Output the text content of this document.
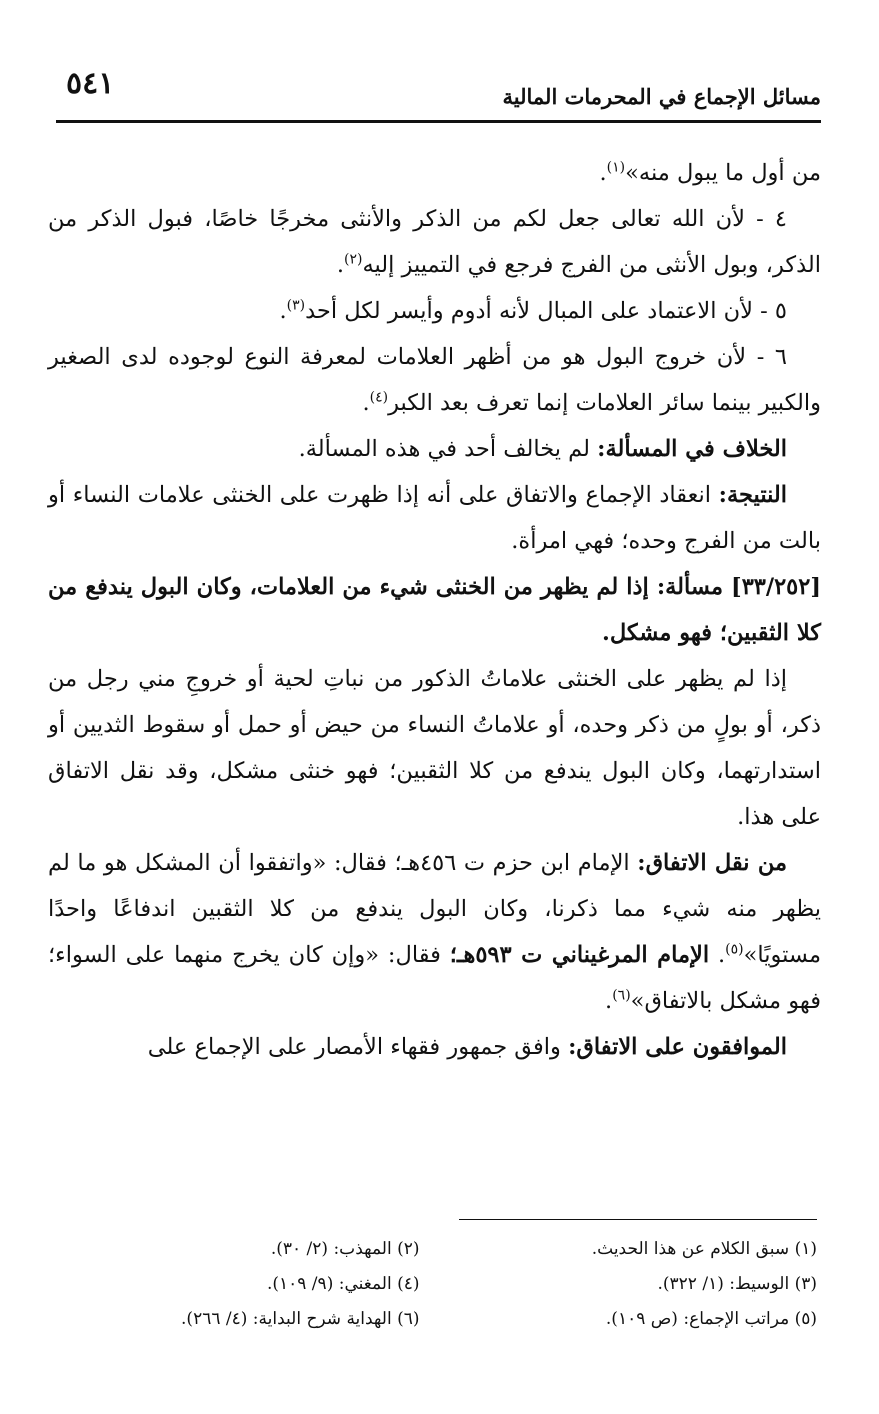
مسائل الإجماع في المحرمات المالية
٥٤١

من أول ما يبول منه»$^{(١)}$.

٤ - لأن الله تعالى جعل لكم من الذكر والأنثى مخرجًا خاصًا، فبول الذكر من الذكر، وبول الأنثى من الفرج فرجع في التمييز إليه$^{(٢)}$.

٥ - لأن الاعتماد على المبال لأنه أدوم وأيسر لكل أحد$^{(٣)}$.

٦ - لأن خروج البول هو من أظهر العلامات لمعرفة النوع لوجوده لدى الصغير والكبير بينما سائر العلامات إنما تعرف بعد الكبر$^{(٤)}$.

الخلاف في المسألة: لم يخالف أحد في هذه المسألة.

النتيجة: انعقاد الإجماع والاتفاق على أنه إذا ظهرت على الخنثى علامات النساء أو بالت من الفرج وحده؛ فهي امرأة.

[٣٣/٢٥٢] مسألة: إذا لم يظهر من الخنثى شيء من العلامات، وكان البول يندفع من كلا الثقبين؛ فهو مشكل.

إذا لم يظهر على الخنثى علاماتُ الذكور من نباتِ لحية أو خروجِ مني رجل من ذكر، أو بولٍ من ذكر وحده، أو علاماتُ النساء من حيض أو حمل أو سقوط الثديين أو استدارتهما، وكان البول يندفع من كلا الثقبين؛ فهو خنثى مشكل، وقد نقل الاتفاق على هذا.

من نقل الاتفاق: الإمام ابن حزم ت ٤٥٦هـ؛ فقال: «واتفقوا أن المشكل هو ما لم يظهر منه شيء مما ذكرنا، وكان البول يندفع من كلا الثقبين اندفاعًا واحدًا مستويًا»$^{(٥)}$. الإمام المرغيناني ت ٥٩٣هـ؛ فقال: «وإن كان يخرج منهما على السواء؛ فهو مشكل بالاتفاق»$^{(٦)}$.

الموافقون على الاتفاق: وافق جمهور فقهاء الأمصار على الإجماع على

(١) سبق الكلام عن هذا الحديث.
(٢) المهذب: (٢/ ٣٠).
(٣) الوسيط: (١/ ٣٢٢).
(٤) المغني: (٩/ ١٠٩).
(٥) مراتب الإجماع: (ص ١٠٩).
(٦) الهداية شرح البداية: (٤/ ٢٦٦).
